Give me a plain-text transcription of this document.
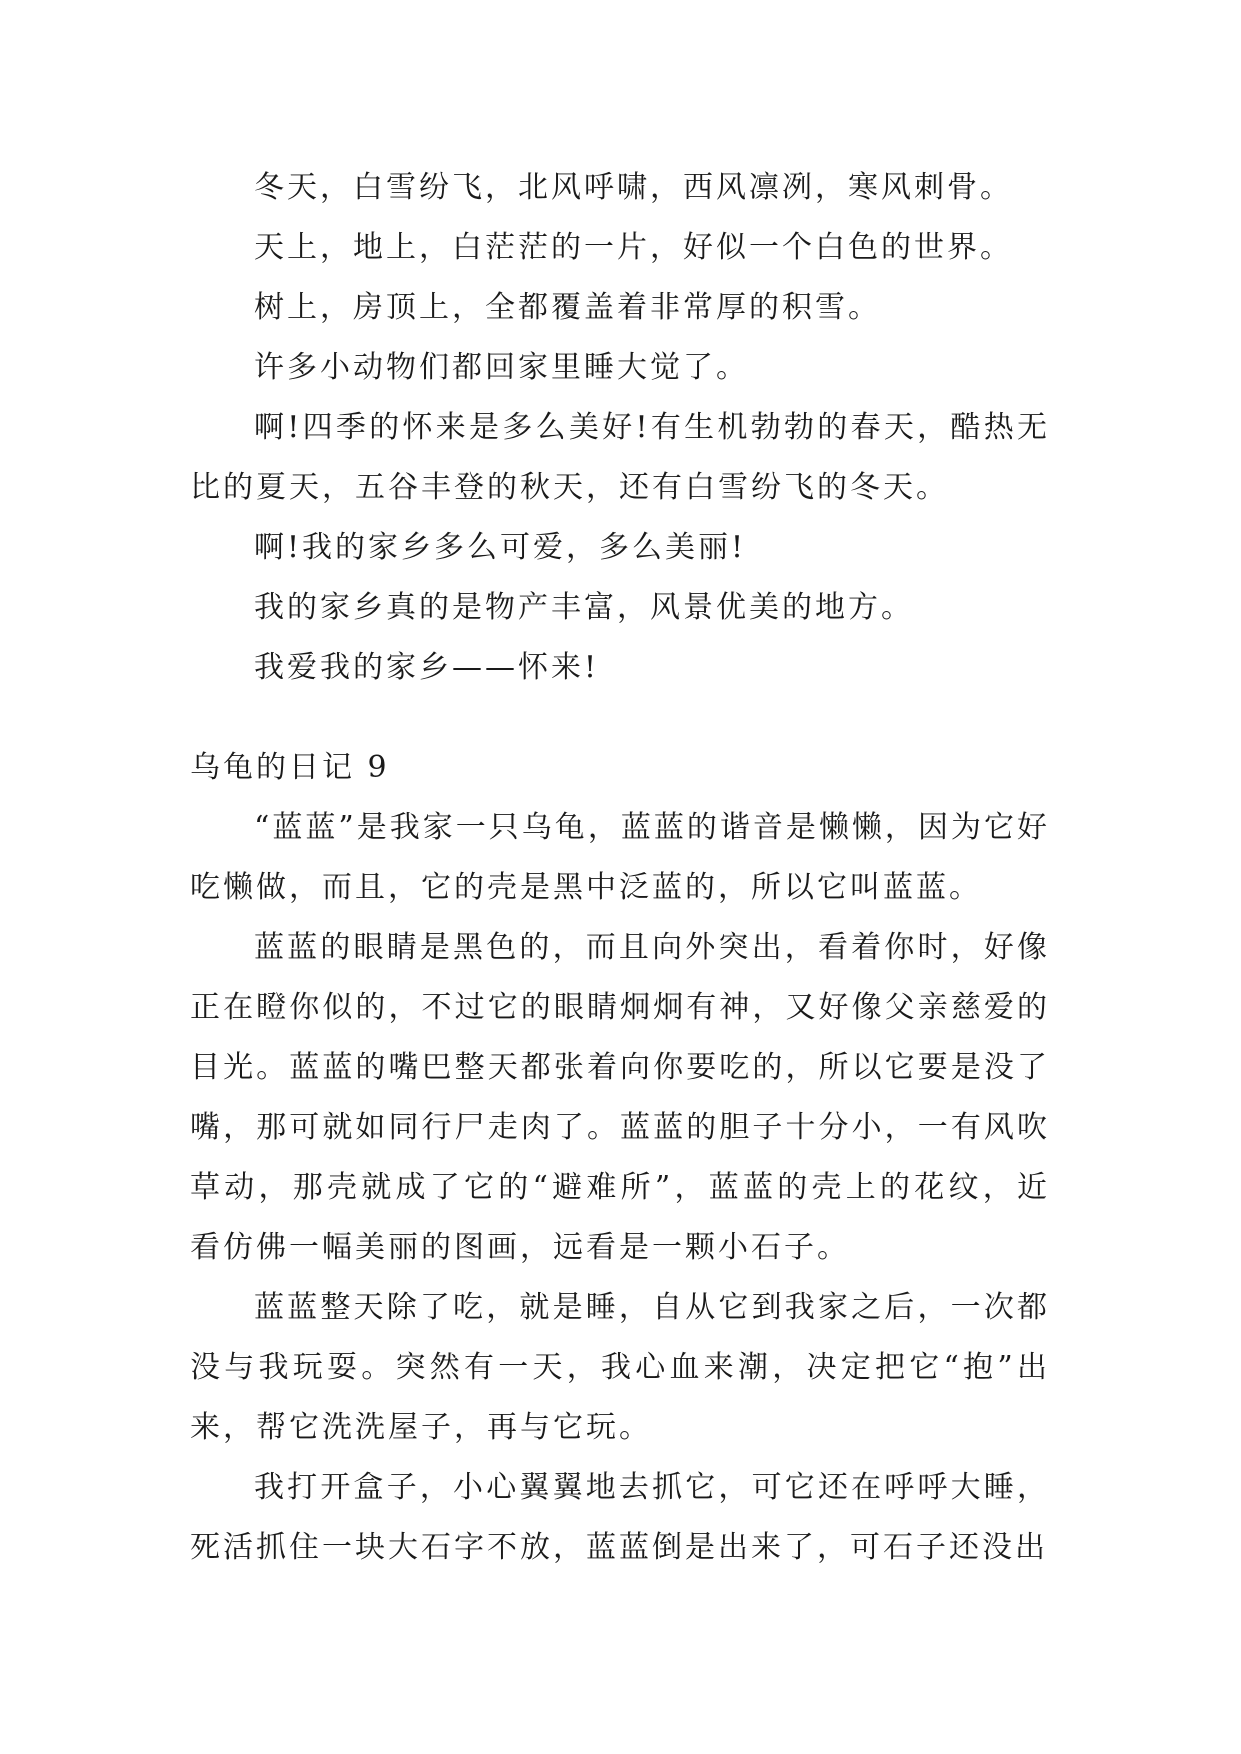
冬天，白雪纷飞，北风呼啸，西风凛冽，寒风刺骨。

天上，地上，白茫茫的一片，好似一个白色的世界。

树上，房顶上，全都覆盖着非常厚的积雪。

许多小动物们都回家里睡大觉了。

啊!四季的怀来是多么美好!有生机勃勃的春天，酷热无比的夏天，五谷丰登的秋天，还有白雪纷飞的冬天。

啊!我的家乡多么可爱，多么美丽!

我的家乡真的是物产丰富，风景优美的地方。

我爱我的家乡——怀来!

乌龟的日记 9

“蓝蓝”是我家一只乌龟，蓝蓝的谐音是懒懒，因为它好吃懒做，而且，它的壳是黑中泛蓝的，所以它叫蓝蓝。

蓝蓝的眼睛是黑色的，而且向外突出，看着你时，好像正在瞪你似的，不过它的眼睛炯炯有神，又好像父亲慈爱的目光。蓝蓝的嘴巴整天都张着向你要吃的，所以它要是没了嘴，那可就如同行尸走肉了。蓝蓝的胆子十分小，一有风吹草动，那壳就成了它的“避难所”，蓝蓝的壳上的花纹，近看仿佛一幅美丽的图画，远看是一颗小石子。

蓝蓝整天除了吃，就是睡，自从它到我家之后，一次都没与我玩耍。突然有一天，我心血来潮，决定把它“抱”出来，帮它洗洗屋子，再与它玩。

我打开盒子，小心翼翼地去抓它，可它还在呼呼大睡，死活抓住一块大石字不放，蓝蓝倒是出来了，可石子还没出
